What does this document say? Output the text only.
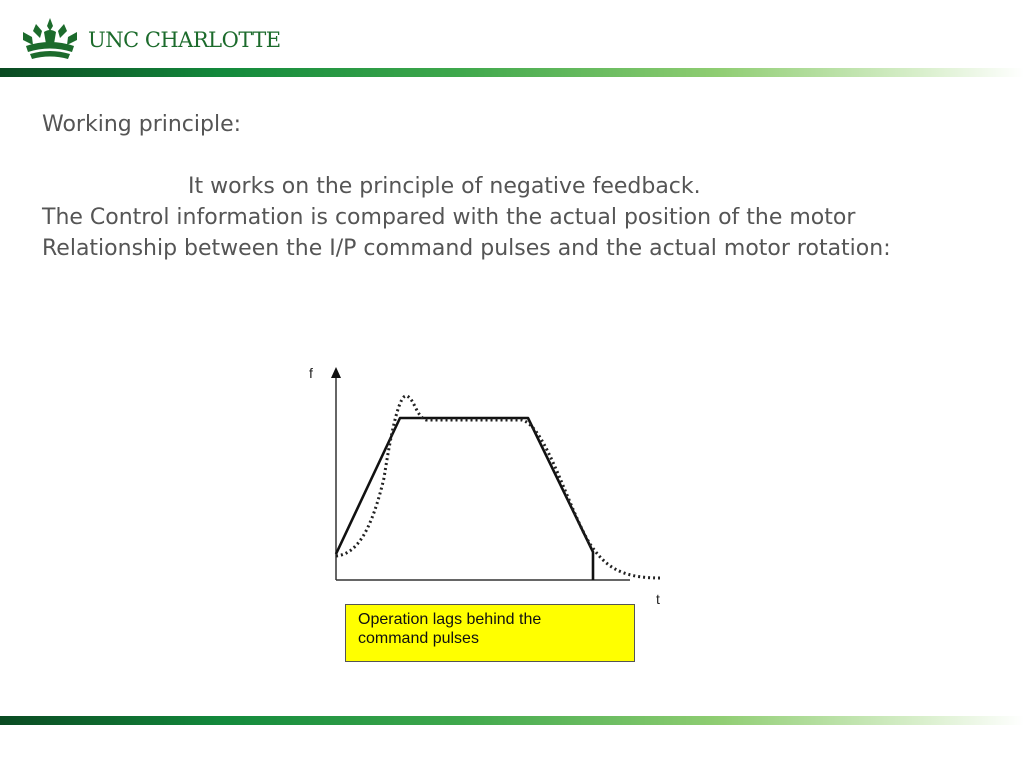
UNC CHARLOTTE

Working principle:

It works on the principle of negative feedback.

The Control information is compared with the actual position of the motor

Relationship between the I/P command pulses and the actual motor rotation:

f
t
Operation lags behind the
command pulses
